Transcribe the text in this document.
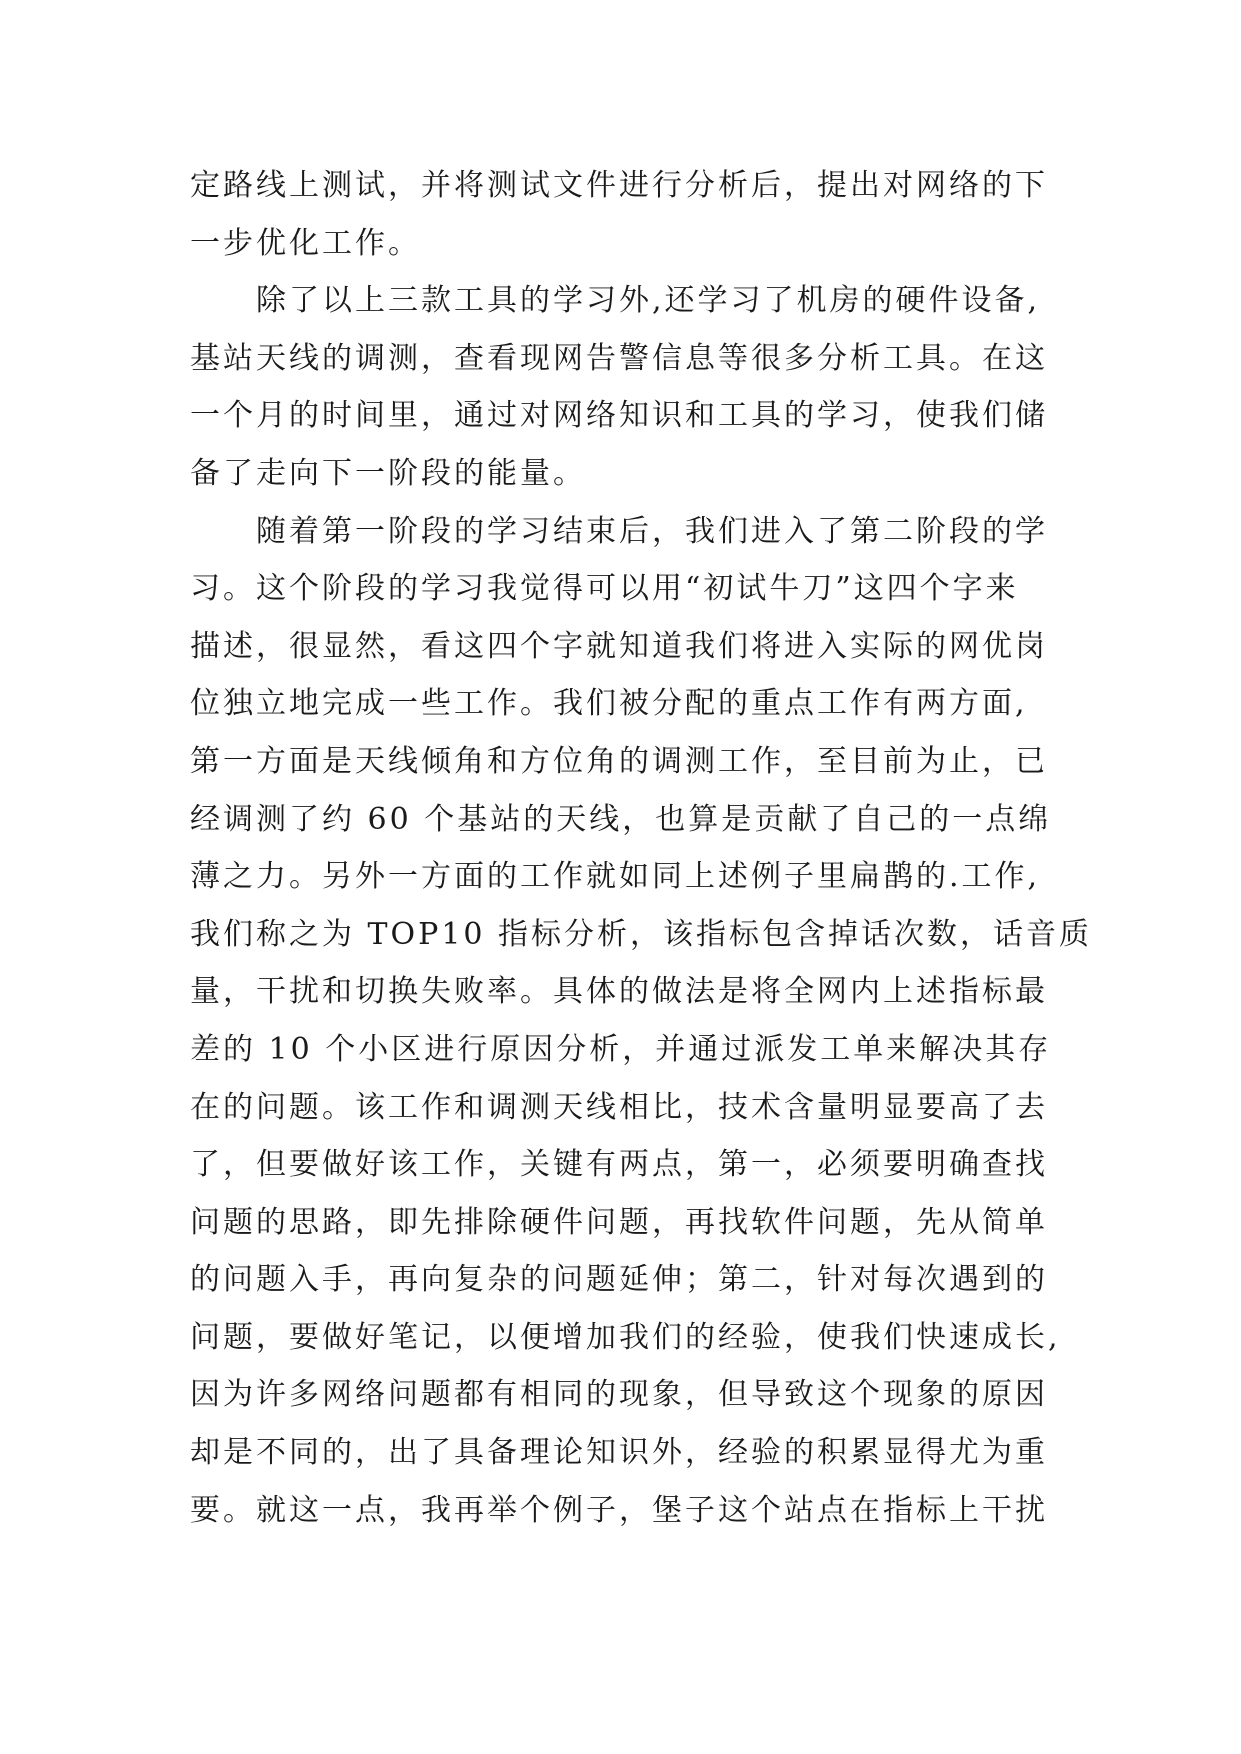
定路线上测试，并将测试文件进行分析后，提出对网络的下
一步优化工作。
除了以上三款工具的学习外,还学习了机房的硬件设备,
基站天线的调测，查看现网告警信息等很多分析工具。在这
一个月的时间里，通过对网络知识和工具的学习，使我们储
备了走向下一阶段的能量。
随着第一阶段的学习结束后，我们进入了第二阶段的学
习。这个阶段的学习我觉得可以用“初试牛刀”这四个字来
描述，很显然，看这四个字就知道我们将进入实际的网优岗
位独立地完成一些工作。我们被分配的重点工作有两方面,
第一方面是天线倾角和方位角的调测工作，至目前为止，已
经调测了约 60 个基站的天线，也算是贡献了自己的一点绵
薄之力。另外一方面的工作就如同上述例子里扁鹊的.工作,
我们称之为 TOP10 指标分析，该指标包含掉话次数，话音质
量，干扰和切换失败率。具体的做法是将全网内上述指标最
差的 10 个小区进行原因分析，并通过派发工单来解决其存
在的问题。该工作和调测天线相比，技术含量明显要高了去
了，但要做好该工作，关键有两点，第一，必须要明确查找
问题的思路，即先排除硬件问题，再找软件问题，先从简单
的问题入手，再向复杂的问题延伸；第二，针对每次遇到的
问题，要做好笔记，以便增加我们的经验，使我们快速成长,
因为许多网络问题都有相同的现象，但导致这个现象的原因
却是不同的，出了具备理论知识外，经验的积累显得尤为重
要。就这一点，我再举个例子，堡子这个站点在指标上干扰
